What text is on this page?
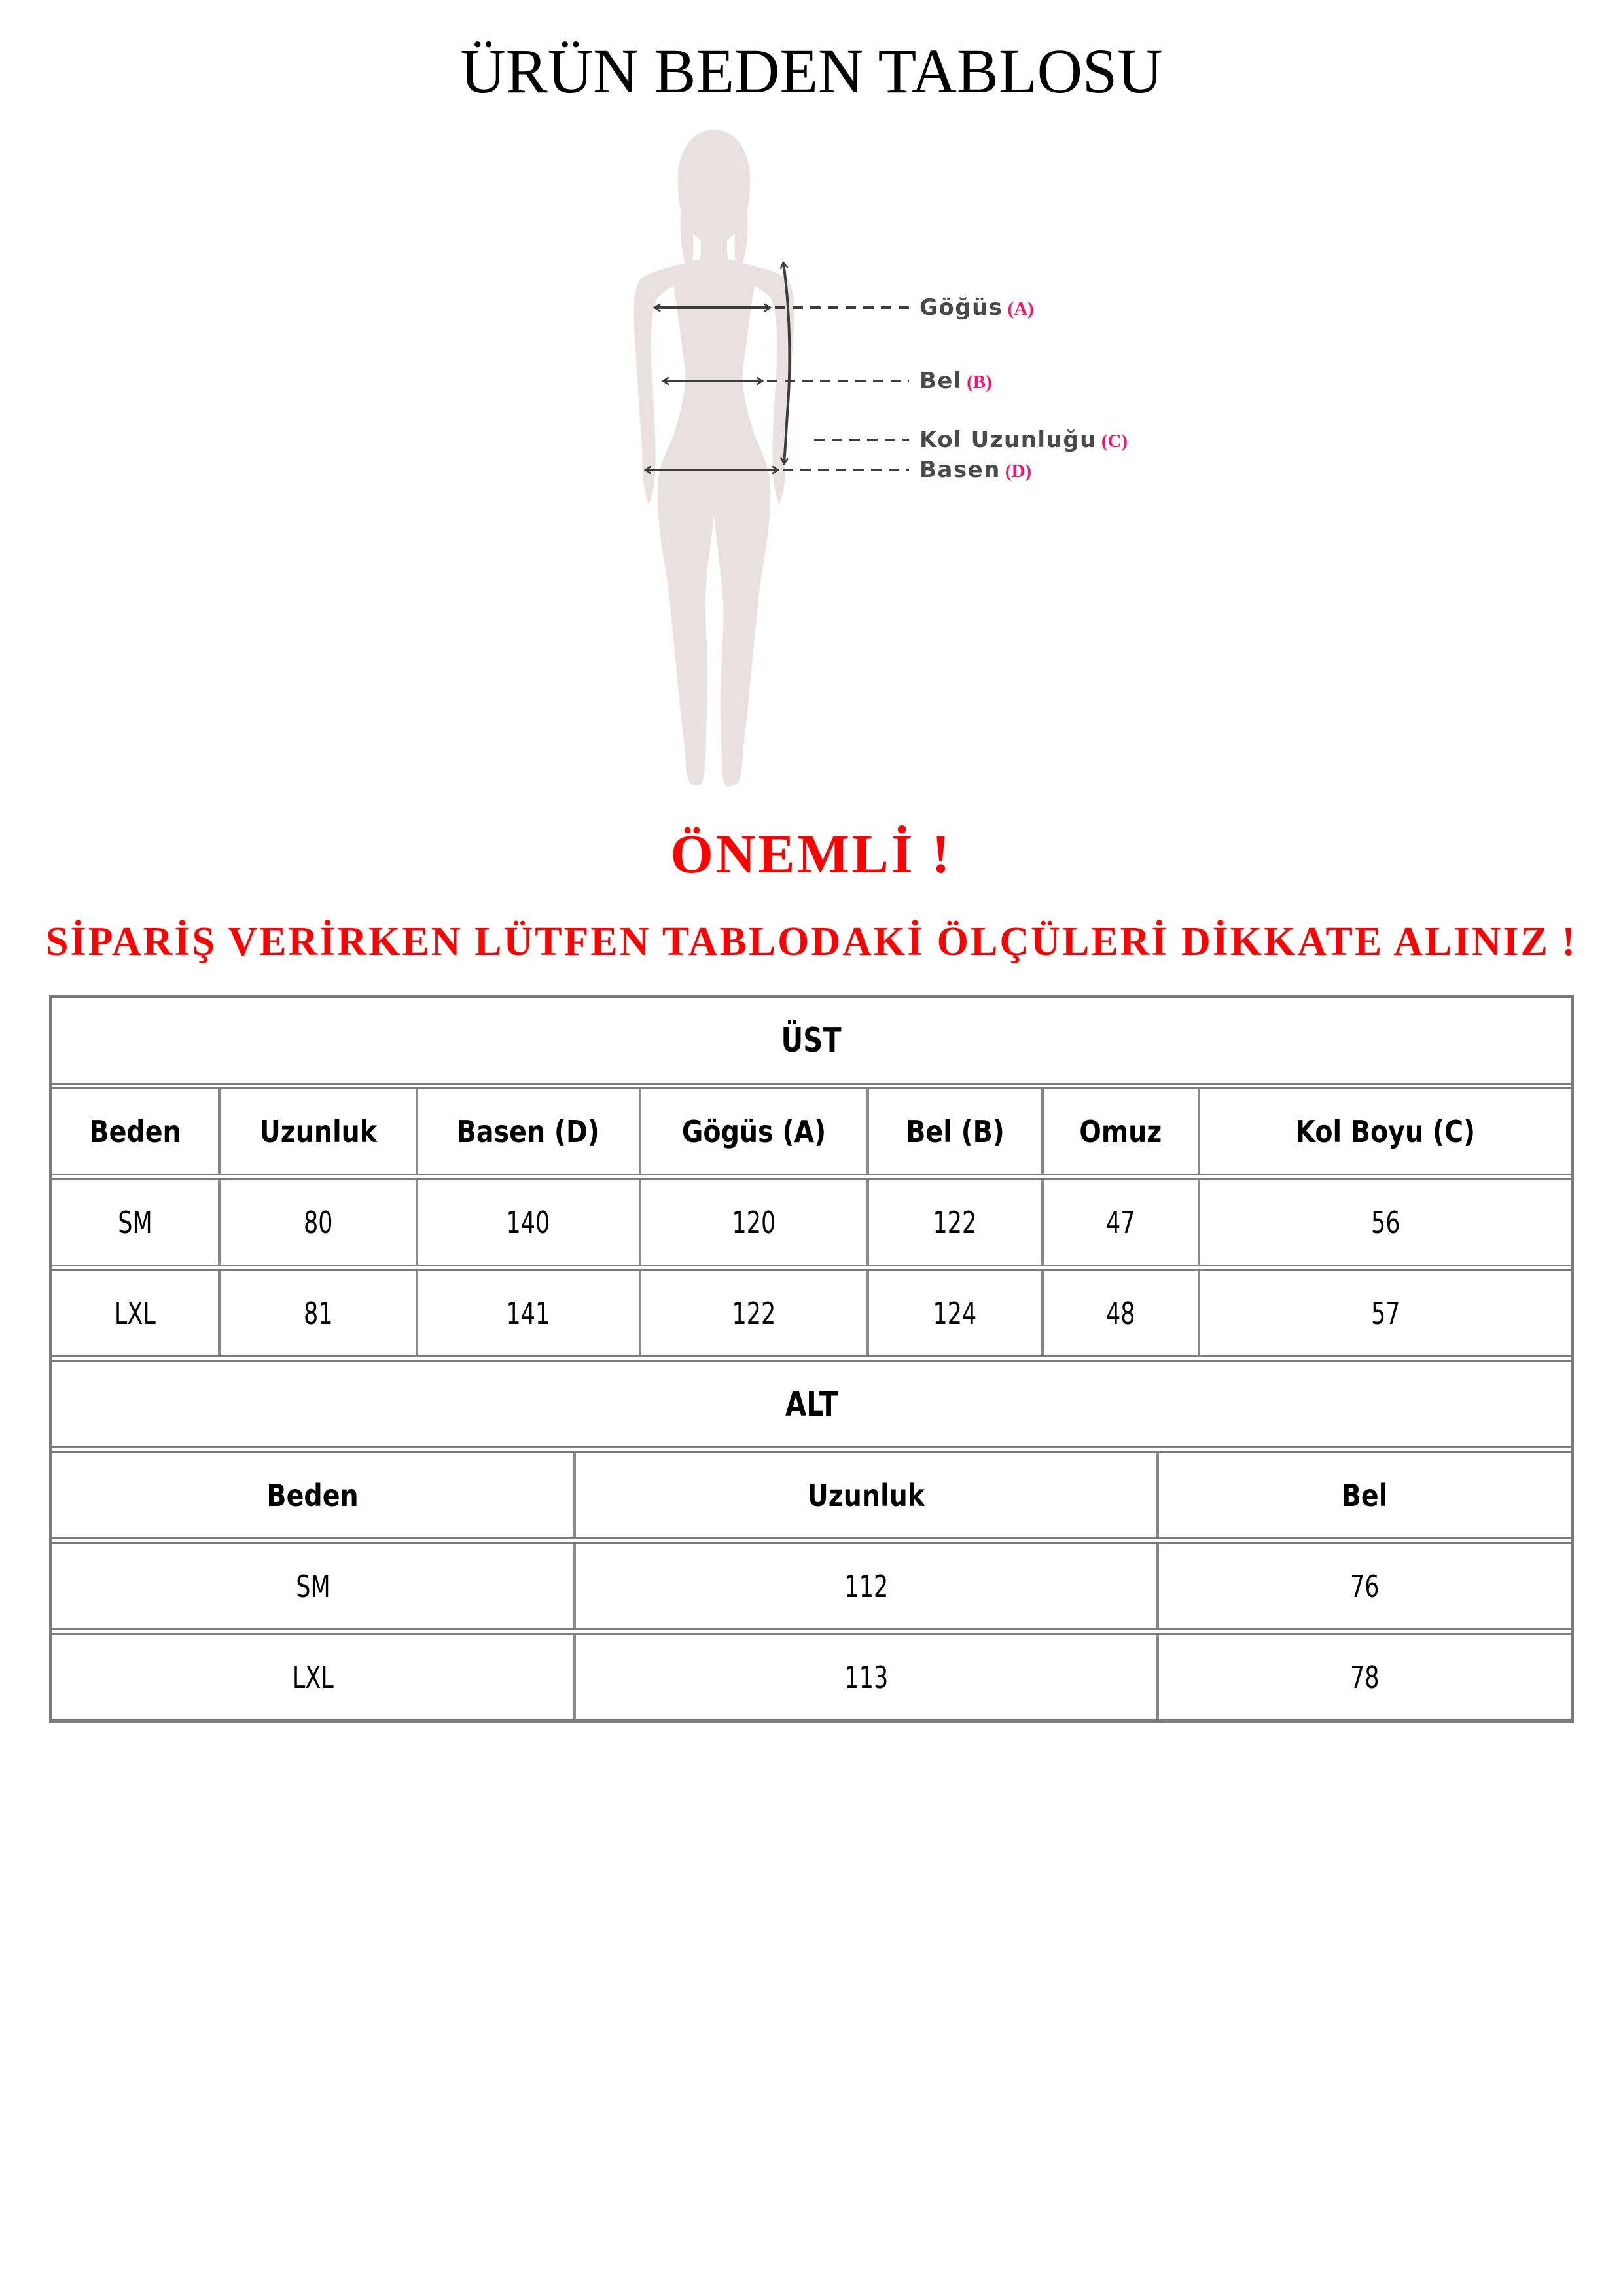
ÜRÜN BEDEN TABLOSU
Göğüs (A)
Bel (B)
Kol Uzunluğu (C)
Basen (D)
ÖNEMLİ !
SİPARİŞ VERİRKEN LÜTFEN TABLODAKİ ÖLÇÜLERİ DİKKATE ALINIZ !
ÜST						
Beden	Uzunluk	Basen (D)	Gögüs (A)	Bel (B)	Omuz	Kol Boyu (C)
SM	80	140	120	122	47	56
LXL	81	141	122	124	48	57
ALT		
Beden	Uzunluk	Bel
SM	112	76
LXL	113	78
